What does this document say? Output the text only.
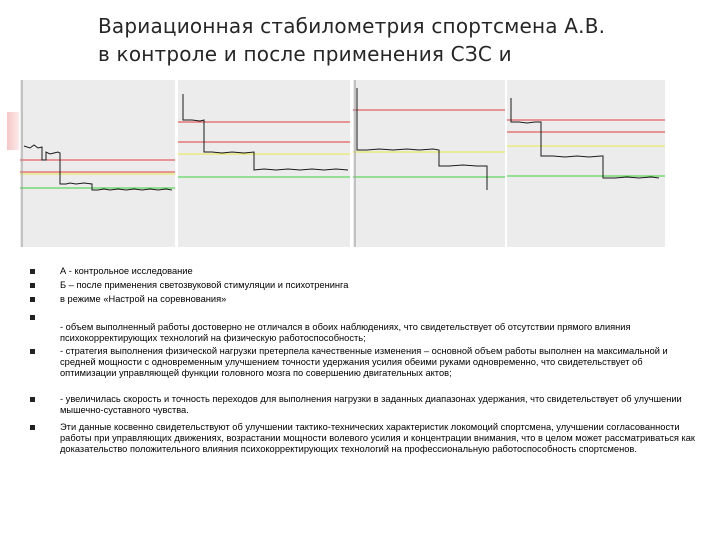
Вариационная стабилометрия спортсмена А.В.
в контроле и после применения СЗС и
А - контрольное исследование
Б – после применения светозвуковой стимуляции и психотренинга
в режиме «Настрой на соревнования»
- объем выполненный работы достоверно не отличался в обоих наблюдениях, что свидетельствует об отсутствии прямого влияния психокорректирующих технологий на физическую работоспособность;
- стратегия выполнения физической нагрузки претерпела качественные изменения – основной объем работы выполнен на максимальной и средней мощности с одновременным улучшением точности удержания усилия обеими руками одновременно, что свидетельствует об оптимизации управляющей функции головного мозга по совершению двигательных актов;
- увеличилась скорость и точность переходов для выполнения нагрузки в заданных диапазонах удержания, что свидетельствует об улучшении мышечно-суставного чувства.
Эти данные косвенно свидетельствуют об улучшении тактико-технических характеристик локомоций спортсмена, улучшении согласованности работы при управляющих движениях, возрастании мощности волевого усилия и концентрации внимания, что в целом может рассматриваться как доказательство положительного влияния психокорректирующих технологий на профессиональную работоспособность спортсменов.
